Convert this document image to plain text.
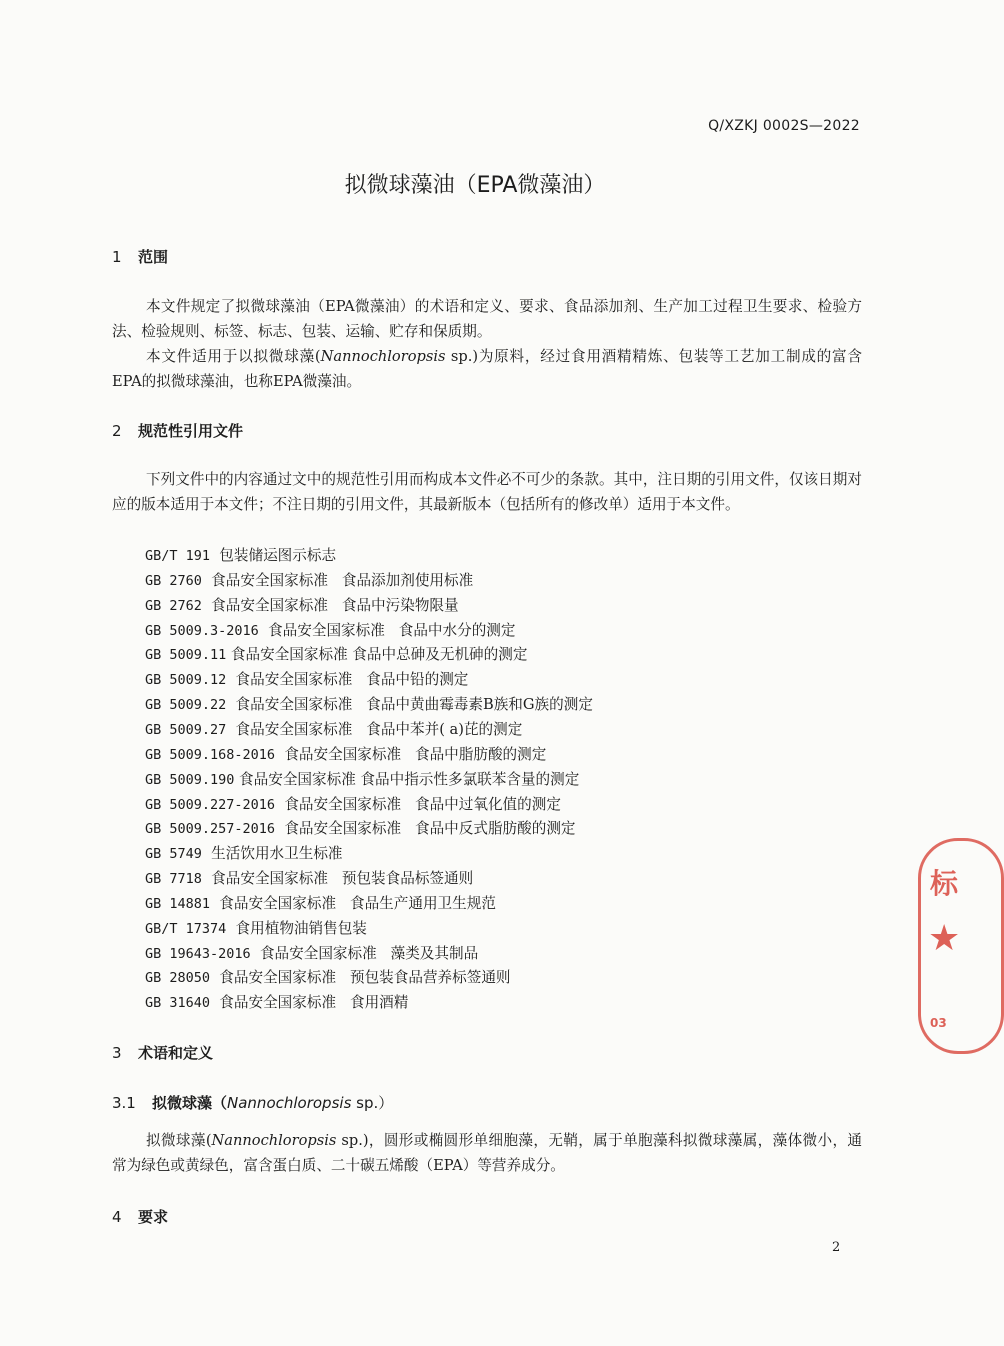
Q/XZKJ 0002S—2022
拟微球藻油（EPA微藻油）
1 范围
本文件规定了拟微球藻油（EPA微藻油）的术语和定义、要求、食品添加剂、生产加工过程卫生要求、检验方法、检验规则、标签、标志、包装、运输、贮存和保质期。
本文件适用于以拟微球藻(Nannochloropsis sp.)为原料，经过食用酒精精炼、包装等工艺加工制成的富含EPA的拟微球藻油，也称EPA微藻油。
2 规范性引用文件
下列文件中的内容通过文中的规范性引用而构成本文件必不可少的条款。其中，注日期的引用文件，仅该日期对应的版本适用于本文件；不注日期的引用文件，其最新版本（包括所有的修改单）适用于本文件。
GB/T 191  包装储运图示标志
GB 2760  食品安全国家标准   食品添加剂使用标准
GB 2762  食品安全国家标准   食品中污染物限量
GB 5009.3-2016  食品安全国家标准   食品中水分的测定
GB 5009.11 食品安全国家标准 食品中总砷及无机砷的测定
GB 5009.12  食品安全国家标准   食品中铅的测定
GB 5009.22  食品安全国家标准   食品中黄曲霉毒素B族和G族的测定
GB 5009.27  食品安全国家标准   食品中苯并( a)芘的测定
GB 5009.168-2016  食品安全国家标准   食品中脂肪酸的测定
GB 5009.190 食品安全国家标准 食品中指示性多氯联苯含量的测定
GB 5009.227-2016  食品安全国家标准   食品中过氧化值的测定
GB 5009.257-2016  食品安全国家标准   食品中反式脂肪酸的测定
GB 5749  生活饮用水卫生标准
GB 7718  食品安全国家标准   预包装食品标签通则
GB 14881  食品安全国家标准   食品生产通用卫生规范
GB/T 17374  食用植物油销售包装
GB 19643-2016  食品安全国家标准   藻类及其制品
GB 28050  食品安全国家标准   预包装食品营养标签通则
GB 31640  食品安全国家标准   食用酒精
3 术语和定义
3.1 拟微球藻（Nannochloropsis sp.）
拟微球藻(Nannochloropsis sp.)，圆形或椭圆形单细胞藻，无鞘，属于单胞藻科拟微球藻属，藻体微小，通常为绿色或黄绿色，富含蛋白质、二十碳五烯酸（EPA）等营养成分。
4 要求
2
标
★
03
